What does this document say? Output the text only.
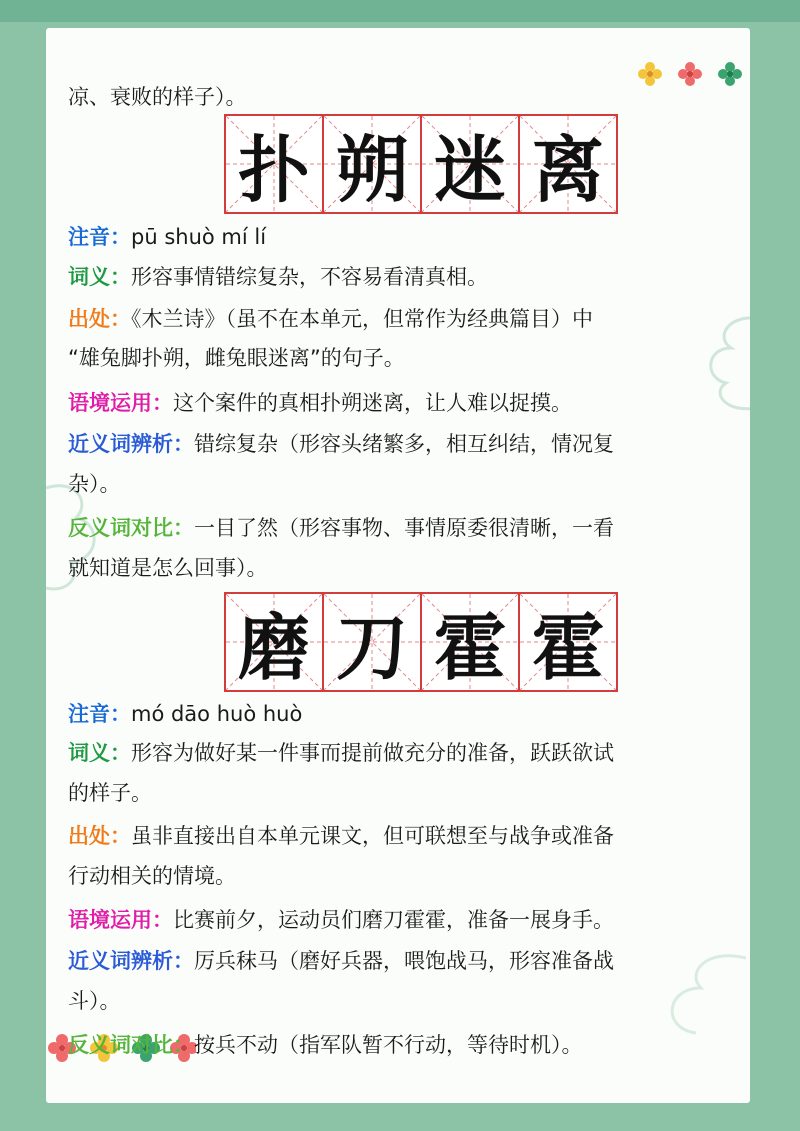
凉、衰败的样子）。
扑 朔 迷 离
注音：pū shuò mí lí
词义：形容事情错综复杂，不容易看清真相。
出处：《木兰诗》（虽不在本单元，但常作为经典篇目）中
“雄兔脚扑朔，雌兔眼迷离”的句子。
语境运用：这个案件的真相扑朔迷离，让人难以捉摸。
近义词辨析：错综复杂（形容头绪繁多，相互纠结，情况复
杂）。
反义词对比：一目了然（形容事物、事情原委很清晰，一看
就知道是怎么回事）。
磨 刀 霍 霍
注音：mó dāo huò huò
词义：形容为做好某一件事而提前做充分的准备，跃跃欲试
的样子。
出处：虽非直接出自本单元课文，但可联想至与战争或准备
行动相关的情境。
语境运用：比赛前夕，运动员们磨刀霍霍，准备一展身手。
近义词辨析：厉兵秣马（磨好兵器，喂饱战马，形容准备战
斗）。
反义词对比：按兵不动（指军队暂不行动，等待时机）。
